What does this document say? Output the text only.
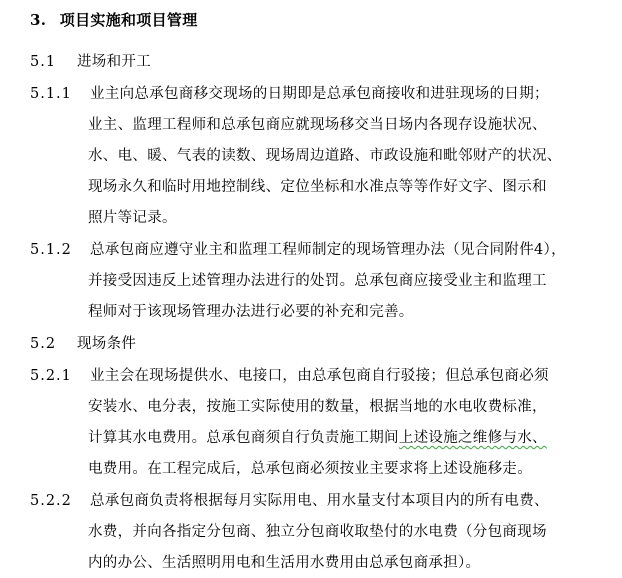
3. 项目实施和项目管理
5.1 进场和开工
5.1.1 业主向总承包商移交现场的日期即是总承包商接收和进驻现场的日期；
业主、监理工程师和总承包商应就现场移交当日场内各现存设施状况、
水、电、暖、气表的读数、现场周边道路、市政设施和毗邻财产的状况、
现场永久和临时用地控制线、定位坐标和水准点等等作好文字、图示和
照片等记录。
5.1.2 总承包商应遵守业主和监理工程师制定的现场管理办法（见合同附件4），
并接受因违反上述管理办法进行的处罚。总承包商应接受业主和监理工
程师对于该现场管理办法进行必要的补充和完善。
5.2 现场条件
5.2.1 业主会在现场提供水、电接口，由总承包商自行驳接；但总承包商必须
安装水、电分表，按施工实际使用的数量，根据当地的水电收费标准，
计算其水电费用。总承包商须自行负责施工期间上述设施之维修与水、
电费用。在工程完成后，总承包商必须按业主要求将上述设施移走。
5.2.2 总承包商负责将根据每月实际用电、用水量支付本项目内的所有电费、
水费，并向各指定分包商、独立分包商收取垫付的水电费（分包商现场
内的办公、生活照明用电和生活用水费用由总承包商承担）。
